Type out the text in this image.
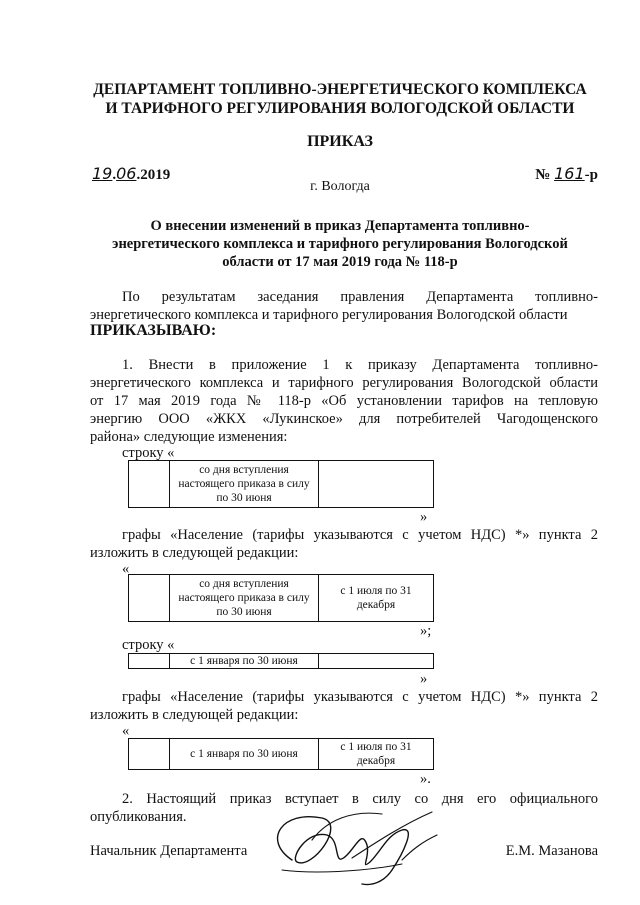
ДЕПАРТАМЕНТ ТОПЛИВНО-ЭНЕРГЕТИЧЕСКОГО КОМПЛЕКСА
И ТАРИФНОГО РЕГУЛИРОВАНИЯ ВОЛОГОДСКОЙ ОБЛАСТИ
ПРИКАЗ
19.06.2019	№ 161-р
г. Вологда
О внесении изменений в приказ Департамента топливно-
энергетического комплекса и тарифного регулирования Вологодской
области от 17 мая 2019 года № 118-р
По результатам заседания правления Департамента топливно-
энергетического комплекса и тарифного регулирования Вологодской области
ПРИКАЗЫВАЮ:
1. Внести в приложение 1 к приказу Департамента топливно-
энергетического комплекса и тарифного регулирования Вологодской области
от 17 мая 2019 года № 118-р «Об установлении тарифов на тепловую
энергию ООО «ЖКХ «Лукинское» для потребителей Чагодощенского
района» следующие изменения:
строку «
	со дня вступления настоящего приказа в силу по 30 июня	
»
графы «Население (тарифы указываются с учетом НДС) *» пункта 2
изложить в следующей редакции:
«
	со дня вступления настоящего приказа в силу по 30 июня	с 1 июля по 31 декабря
»;
строку «
	с 1 января по 30 июня	
»
графы «Население (тарифы указываются с учетом НДС) *» пункта 2
изложить в следующей редакции:
«
	с 1 января по 30 июня	с 1 июля по 31 декабря
».
2. Настоящий приказ вступает в силу со дня его официального
опубликования.
Начальник Департамента	Е.М. Мазанова
